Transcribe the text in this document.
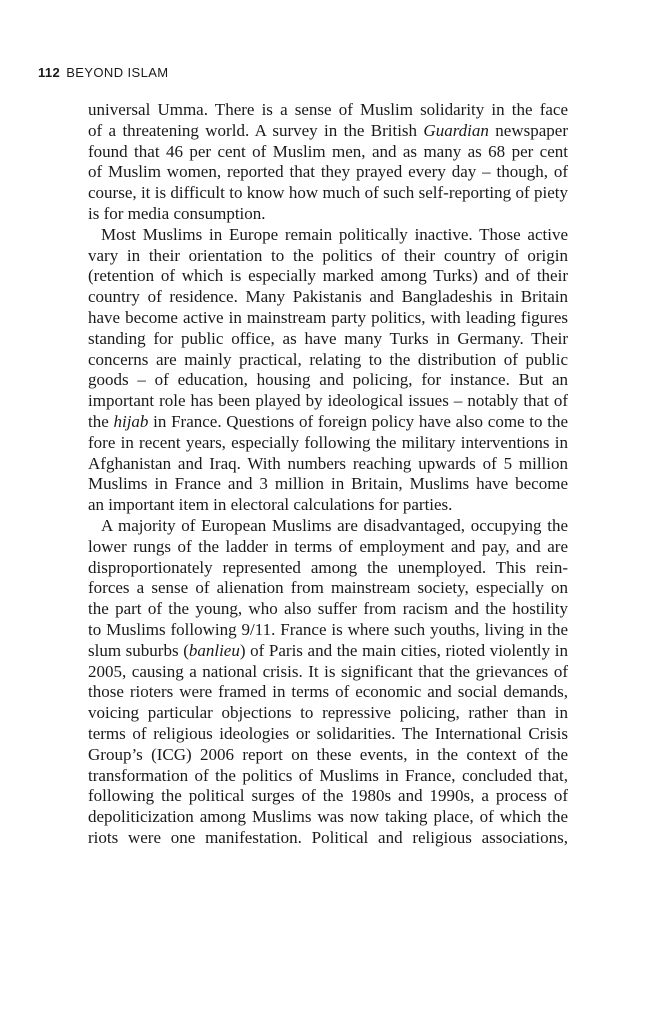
112 BEYOND ISLAM
universal Umma. There is a sense of Muslim solidarity in the face
of a threatening world. A survey in the British Guardian newspaper
found that 46 per cent of Muslim men, and as many as 68 per cent
of Muslim women, reported that they prayed every day – though, of
course, it is difficult to know how much of such self-reporting of piety
is for media consumption.
Most Muslims in Europe remain politically inactive. Those active
vary in their orientation to the politics of their country of origin
(retention of which is especially marked among Turks) and of their
country of residence. Many Pakistanis and Bangladeshis in Britain
have become active in mainstream party politics, with leading figures
standing for public office, as have many Turks in Germany. Their
concerns are mainly practical, relating to the distribution of public
goods – of education, housing and policing, for instance. But an
important role has been played by ideological issues – notably that of
the hijab in France. Questions of foreign policy have also come to the
fore in recent years, especially following the military interventions in
Afghanistan and Iraq. With numbers reaching upwards of 5 million
Muslims in France and 3 million in Britain, Muslims have become
an important item in electoral calculations for parties.
A majority of European Muslims are disadvantaged, occupying the
lower rungs of the ladder in terms of employment and pay, and are
disproportionately represented among the unemployed. This rein-
forces a sense of alienation from mainstream society, especially on
the part of the young, who also suffer from racism and the hostility
to Muslims following 9/11. France is where such youths, living in the
slum suburbs (banlieu) of Paris and the main cities, rioted violently in
2005, causing a national crisis. It is significant that the grievances of
those rioters were framed in terms of economic and social demands,
voicing particular objections to repressive policing, rather than in
terms of religious ideologies or solidarities. The International Crisis
Group’s (ICG) 2006 report on these events, in the context of the
transformation of the politics of Muslims in France, concluded that,
following the political surges of the 1980s and 1990s, a process of
depoliticization among Muslims was now taking place, of which the
riots were one manifestation. Political and religious associations,
